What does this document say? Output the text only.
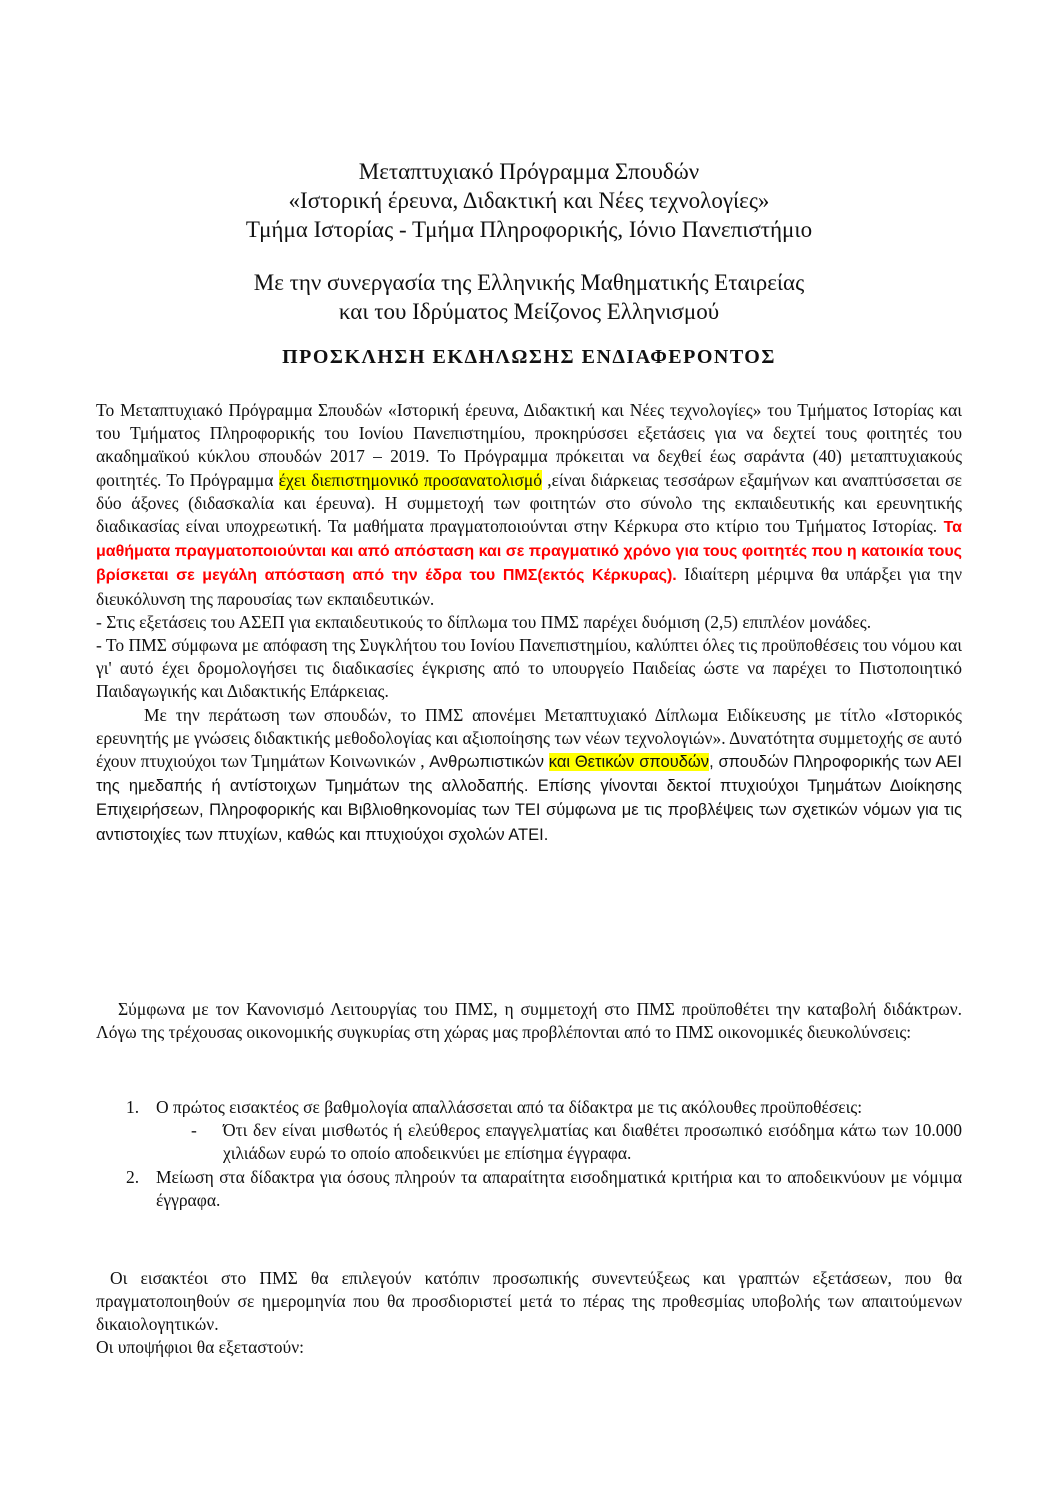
Μεταπτυχιακό Πρόγραμμα Σπουδών
«Ιστορική έρευνα, Διδακτική και Νέες τεχνολογίες»
Τμήμα Ιστορίας - Τμήμα Πληροφορικής, Ιόνιο Πανεπιστήμιο
Με την συνεργασία της Ελληνικής Μαθηματικής Εταιρείας
και του Ιδρύματος Μείζονος Ελληνισμού
ΠΡΟΣΚΛΗΣΗ ΕΚΔΗΛΩΣΗΣ ΕΝΔΙΑΦΕΡΟΝΤΟΣ
Το Μεταπτυχιακό Πρόγραμμα Σπουδών «Ιστορική έρευνα, Διδακτική και Νέες τεχνολογίες» του Τμήματος Ιστορίας και του Τμήματος Πληροφορικής του Ιονίου Πανεπιστημίου, προκηρύσσει εξετάσεις για να δεχτεί τους φοιτητές του ακαδημαϊκού κύκλου σπουδών 2017 – 2019. Το Πρόγραμμα πρόκειται να δεχθεί έως σαράντα (40) μεταπτυχιακούς φοιτητές. Το Πρόγραμμα έχει διεπιστημονικό προσανατολισμό ,είναι διάρκειας τεσσάρων εξαμήνων και αναπτύσσεται σε δύο άξονες (διδασκαλία και έρευνα). Η συμμετοχή των φοιτητών στο σύνολο της εκπαιδευτικής και ερευνητικής διαδικασίας είναι υποχρεωτική. Τα μαθήματα πραγματοποιούνται στην Κέρκυρα στο κτίριο του Τμήματος Ιστορίας. Τα μαθήματα πραγματοποιούνται και από απόσταση και σε πραγματικό χρόνο για τους φοιτητές που η κατοικία τους βρίσκεται σε μεγάλη απόσταση από την έδρα του ΠΜΣ(εκτός Κέρκυρας). Ιδιαίτερη μέριμνα θα υπάρξει για την διευκόλυνση της παρουσίας των εκπαιδευτικών.
- Στις εξετάσεις του ΑΣΕΠ για εκπαιδευτικούς το δίπλωμα του ΠΜΣ παρέχει δυόμιση (2,5) επιπλέον μονάδες.
- Το ΠΜΣ σύμφωνα με απόφαση της Συγκλήτου του Ιονίου Πανεπιστημίου, καλύπτει όλες τις προϋποθέσεις του νόμου και γι' αυτό έχει δρομολογήσει τις διαδικασίες έγκρισης από το υπουργείο Παιδείας ώστε να παρέχει το Πιστοποιητικό Παιδαγωγικής και Διδακτικής Επάρκειας.
Με την περάτωση των σπουδών, το ΠΜΣ απονέμει Μεταπτυχιακό Δίπλωμα Ειδίκευσης με τίτλο «Ιστορικός ερευνητής με γνώσεις διδακτικής μεθοδολογίας και αξιοποίησης των νέων τεχνολογιών». Δυνατότητα συμμετοχής σε αυτό έχουν πτυχιούχοι των Τμημάτων Κοινωνικών , Ανθρωπιστικών και Θετικών σπουδών, σπουδών Πληροφορικής των ΑΕΙ της ημεδαπής ή αντίστοιχων Τμημάτων της αλλοδαπής. Επίσης γίνονται δεκτοί πτυχιούχοι Τμημάτων Διοίκησης Επιχειρήσεων, Πληροφορικής και Βιβλιοθηκονομίας των ΤΕΙ σύμφωνα με τις προβλέψεις των σχετικών νόμων για τις αντιστοιχίες των πτυχίων, καθώς και πτυχιούχοι σχολών ΑΤΕΙ.
Σύμφωνα με τον Κανονισμό Λειτουργίας του ΠΜΣ, η συμμετοχή στο ΠΜΣ προϋποθέτει την καταβολή διδάκτρων. Λόγω της τρέχουσας οικονομικής συγκυρίας στη χώρας μας προβλέπονται από το ΠΜΣ οικονομικές διευκολύνσεις:
1. Ο πρώτος εισακτέος σε βαθμολογία απαλλάσσεται από τα δίδακτρα με τις ακόλουθες προϋποθέσεις:
- Ότι δεν είναι μισθωτός ή ελεύθερος επαγγελματίας και διαθέτει προσωπικό εισόδημα κάτω των 10.000 χιλιάδων ευρώ το οποίο αποδεικνύει με επίσημα έγγραφα.
2. Μείωση στα δίδακτρα για όσους πληρούν τα απαραίτητα εισοδηματικά κριτήρια και το αποδεικνύουν με νόμιμα έγγραφα.
Οι εισακτέοι στο ΠΜΣ θα επιλεγούν κατόπιν προσωπικής συνεντεύξεως και γραπτών εξετάσεων, που θα πραγματοποιηθούν σε ημερομηνία που θα προσδιοριστεί μετά το πέρας της προθεσμίας υποβολής των απαιτούμενων δικαιολογητικών.
Οι υποψήφιοι θα εξεταστούν:
